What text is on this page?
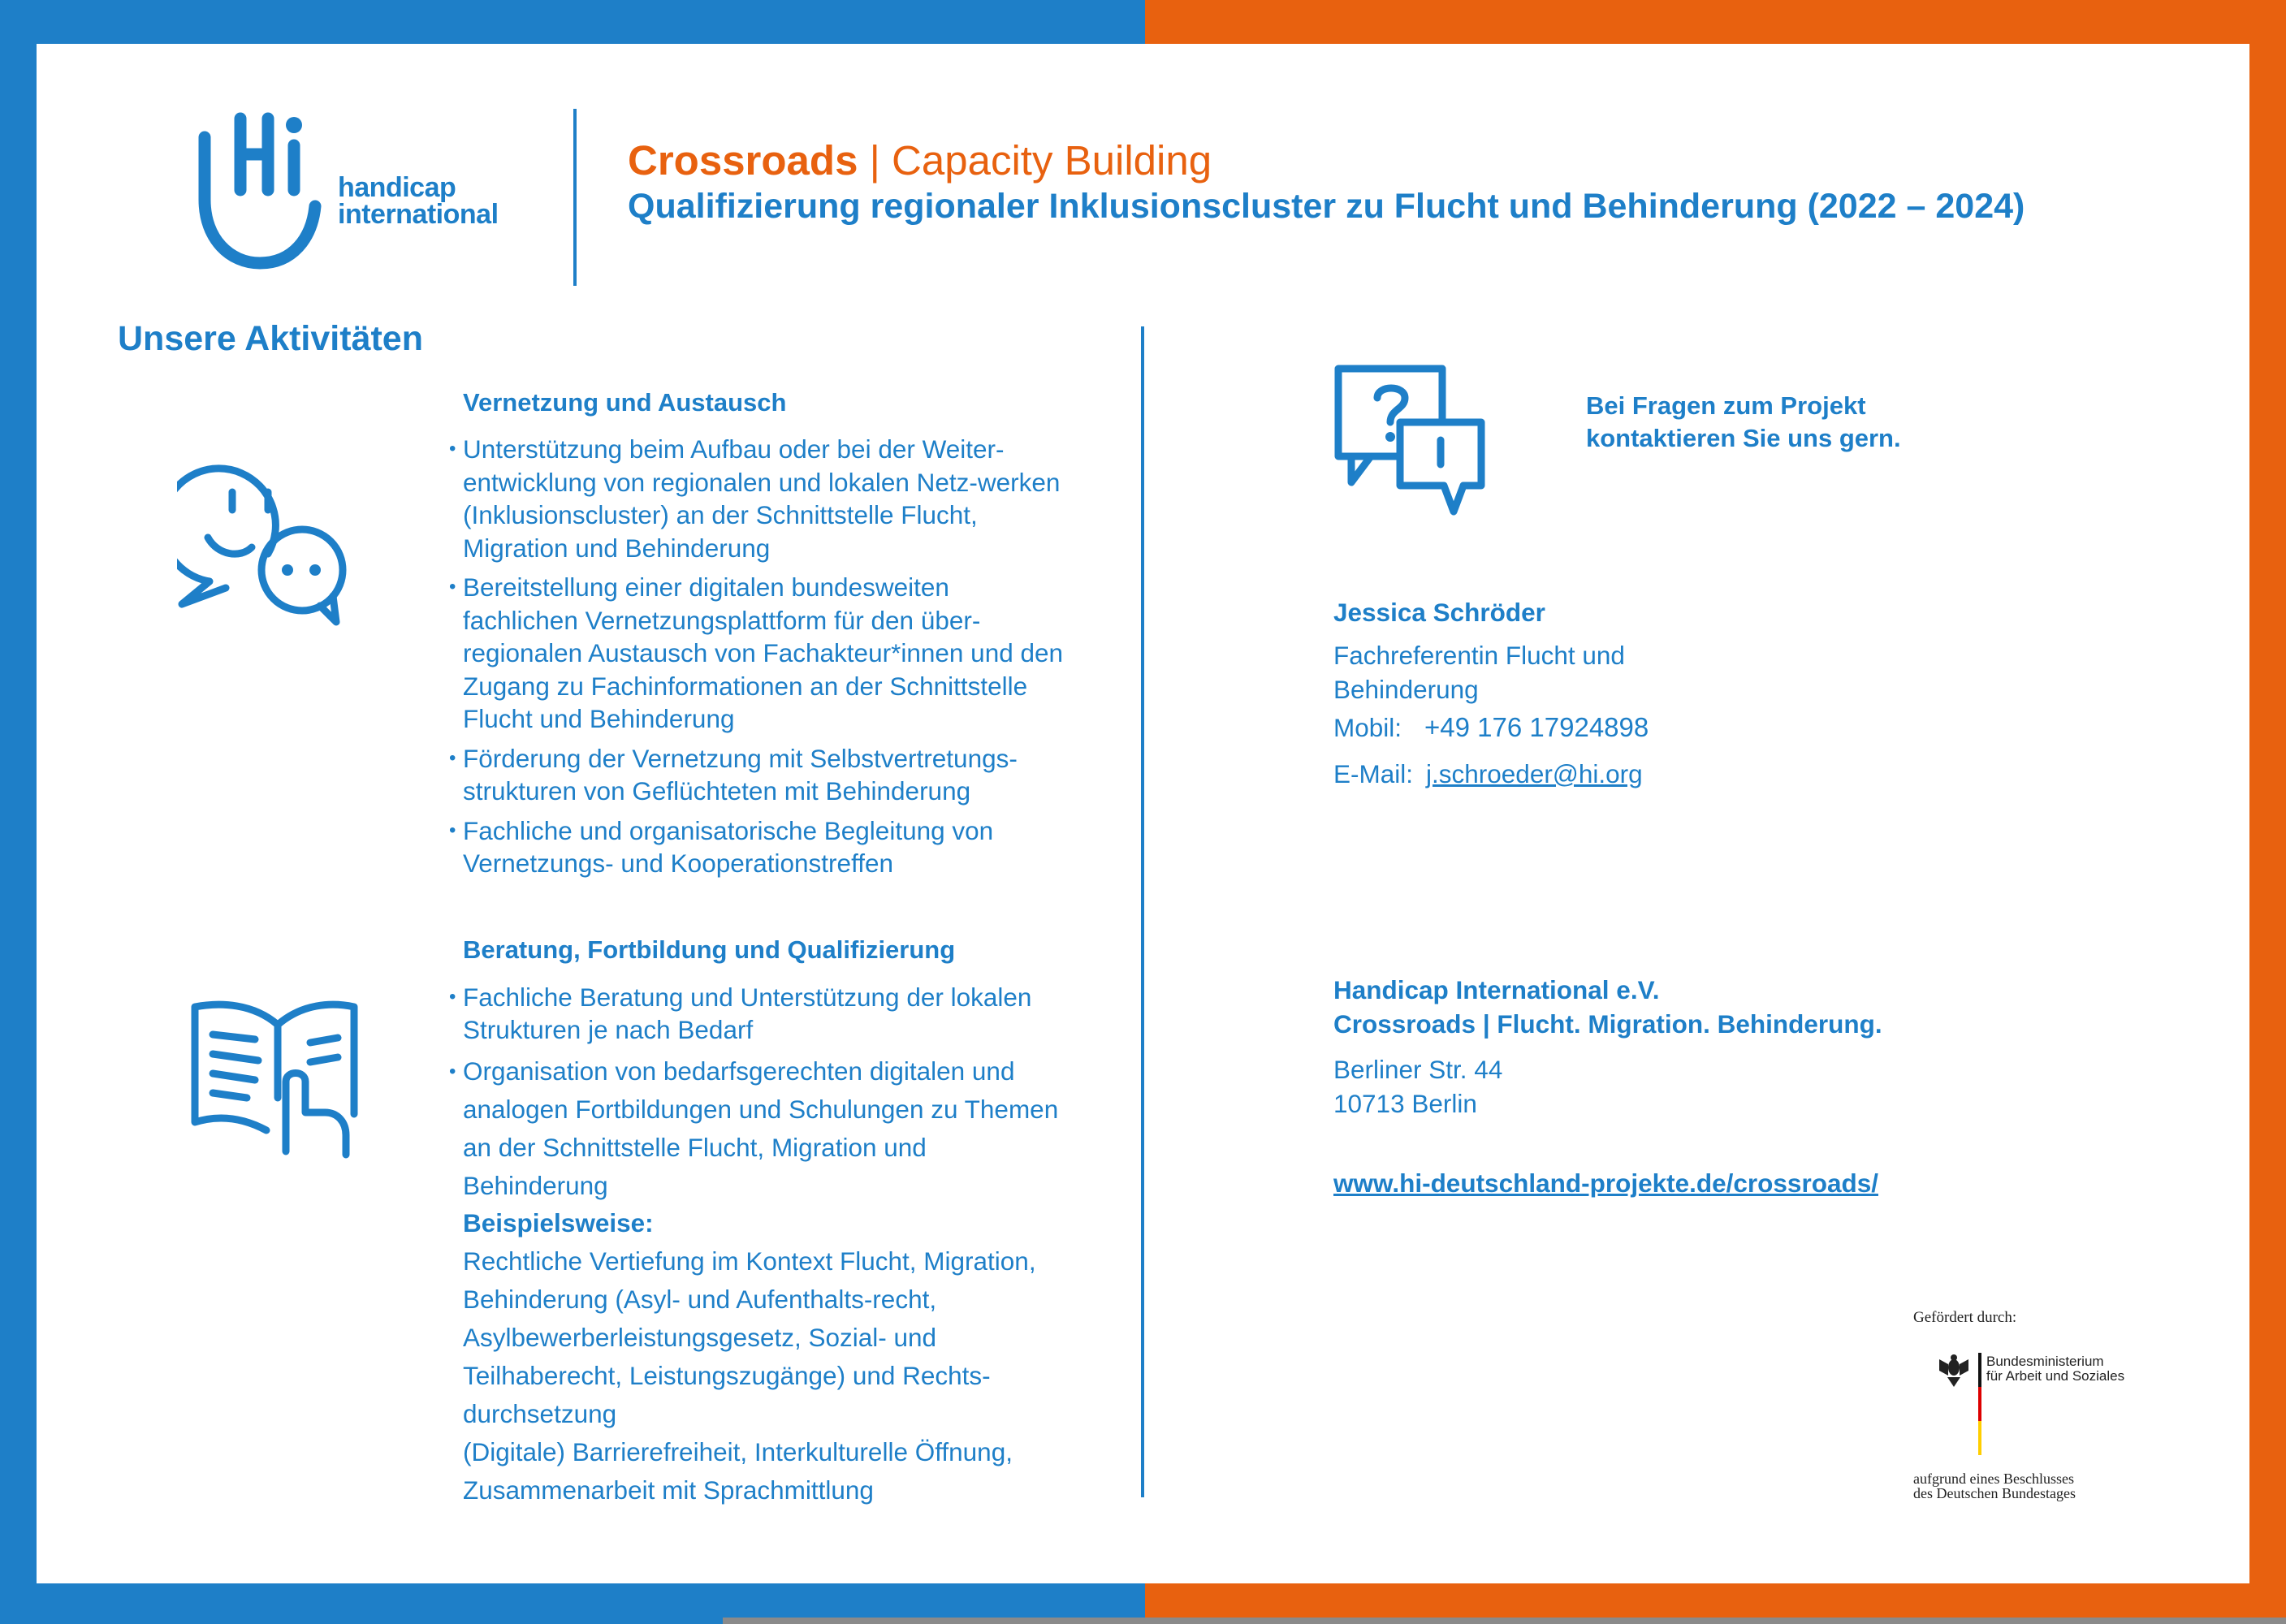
handicap
international
Crossroads | Capacity Building
Qualifizierung regionaler Inklusionscluster zu Flucht und Behinderung (2022 – 2024)
Unsere Aktivitäten
Vernetzung und Austausch
• Unterstützung beim Aufbau oder bei der Weiter-entwicklung von regionalen und lokalen Netz-werken (Inklusionscluster) an der Schnittstelle Flucht, Migration und Behinderung
• Bereitstellung einer digitalen bundesweiten fachlichen Vernetzungsplattform für den über-regionalen Austausch von Fachakteur*innen und den Zugang zu Fachinformationen an der Schnittstelle Flucht und Behinderung
• Förderung der Vernetzung mit Selbstvertretungs-strukturen von Geflüchteten mit Behinderung
• Fachliche und organisatorische Begleitung von Vernetzungs- und Kooperationstreffen
Beratung, Fortbildung und Qualifizierung
• Fachliche Beratung und Unterstützung der lokalen Strukturen je nach Bedarf
• Organisation von bedarfsgerechten digitalen und analogen Fortbildungen und Schulungen zu Themen an der Schnittstelle Flucht, Migration und Behinderung
Beispielsweise:
Rechtliche Vertiefung im Kontext Flucht, Migration, Behinderung (Asyl- und Aufenthalts-recht, Asylbewerberleistungsgesetz, Sozial- und Teilhaberecht, Leistungszugänge) und Rechts-durchsetzung
(Digitale) Barrierefreiheit, Interkulturelle Öffnung, Zusammenarbeit mit Sprachmittlung
Bei Fragen zum Projekt
kontaktieren Sie uns gern.
Jessica Schröder
Fachreferentin Flucht und
Behinderung
Mobil: +49 176 17924898
E-Mail: j.schroeder@hi.org
Handicap International e.V.
Crossroads | Flucht. Migration. Behinderung.
Berliner Str. 44
10713 Berlin
www.hi-deutschland-projekte.de/crossroads/
Gefördert durch:
Bundesministerium
für Arbeit und Soziales
aufgrund eines Beschlusses
des Deutschen Bundestages
